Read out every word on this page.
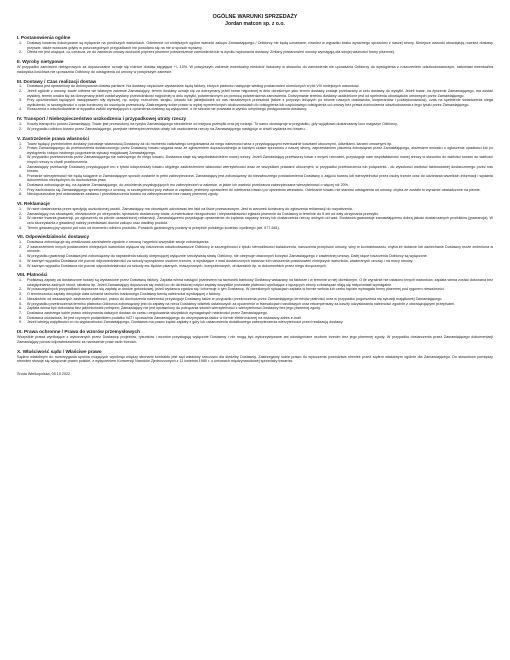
OGÓLNE WARUNKI SPRZEDAŻY
Jordan matcon sp. z o.o.
I. Postanowienia ogólne
1.	Dostawy towarów dokonywane są wyłącznie na poniższych warunkach. Odmienne od niniejszych ogólne warunki zakupu Zamawiającego / Odbiorcy nie będą uznawane, również w wypadku braku wyraźnego sprzeciwu z naszej strony. Niniejsze warunki obowiązują również dostawy przyszłe, także wówczas gdyby w poszczególnych przypadkach nie powołano się na nie w sposób wyraźny.
2.	Oferta nie jest wiążąca, co oznacza, że do zawarcia umowy dochodzi poprzez pisemne potwierdzenie zamówienia lub w wyniku wykonania dostawy. Zmiany postanowień umowy wymagają dla swojej ważności formy pisemnej.
II. Wyroby nietypowe

W przypadku zamówień niebyprowych za dopuszczalne uznaje się różnice dostaw sięgające +/- 10%. W powyższym zakresie ewentualny niedobór ilościowy w stosunku do zamówienia nie upoważnia Odbiorcy do wystąpienia z roszczeniem odszkodowawczym, natomiast ewentualna nadwyżka ilościowa nie upoważnia Odbiorcy do odstąpienia od umowy w powyższym zakresie.

III. Dostawy / Czas realizacji dostaw
1.	Dostawca jest uprawniony do dokonywania dostaw partiami. Na dostawy częściowe wystawiane będą faktury, których płatność następuje według postanowień określonych w pkt VIII niniejszych warunków.
2.	Jeżeli ogólnie z umowy, towar odbiera we własnym zakresie Zamawiający, termin dostawy uznaje się za dotrzymany jeżeli towar najpóźniej w dniu określonym jako termin dostawy zostaje przekazany w celu dostawy do wysyłki. Jeżeli towar, na życzenie Zamawiającego, ma zostać wysłany, termin uważa się za dotrzymany jeżeli został wysłany przewoźnikowi najpóźniej w dniu wysyłki, potwierdzonym za pomocą potwierdzenia zamówienia. Dotrzymanie terminu dostawy uzależnione jest od spełnienia obowiązków umownych przez Zamawiającego.
3.	Przy opóźnieniach będących następstwem siły wyższej, np. wojny, rozruchów, strajku, lokautu lub jakiejkolwiek od nas niezależnych przeszkód (także z przyczyn leżących po stronie naszych dostawców, kooperantów i podwykonawców), czas na spełnienie świadczenia ulega wydłużeniu, w szczególności o czas konieczny do usunięcia przeszkody. Zastrzegamy sobie prawo w wyżej wymienionych okolicznościach do odstąpienia lub częściowego odstąpienia od umowy bez prawa dochodzenia odszkodowania z tego tytułu przez Zamawiającego.
4.	Roszczenia o odszkodowanie w wypadku zwłoki wynikających z opóźnienia dostawy są wyłączone, o ile szkoda nie powstała w wyniku umyślnego postępowania dostawcy.
IV. Transport / Niebezpieczeństwo uszkodzenia i przypadkowej utraty rzeczy
1.	Koszty transportu ponosi Zamawiający. Towar jest przewożony na ryzyko Zamawiającego niezależnie od miejsca przesyłki oraz jej rodzaju. To samo obowiązuje w przypadku, gdy wyjątkowo dostarczamy loco magazyn Odbiorcy.
2.	W przypadku odbioru towaru przez Zamawiającego, przejście niebezpieczeństwa utraty lub uszkodzenia rzeczy na Zamawiającego następuje w chwili wydania mu towaru.
V. Zastrzeżenie prawa własności
1.	Towar będący przedmiotem dostawy pozostaje własnością Dostawcy aż do momentu całkowitego uregulowania za niego należności wraz z przysługującymi eventualnie kosztami ubocznymi, odsetkami, karami umownymi itp.
2.	Prawo Zamawiającego do przetworzenia dostarczonego przez Dostawcę towaru wygasa wraz ze zgłoszeniem dopuszczalnego w każdym czasie sprzeciwu z naszej strony, zaprzestaniem płacenia zobowiązań przez Zamawiającego, złożeniem wniosku o ogłoszenie upadłości lub po wystąpieniu rażąco istotnego pogorszenia sytuacji majątkowej Zamawiającego.
3.	W przypadku przetworzenia przez Zamawiającego nie należącego do niego towaru, Dostawca staje się współwłaścicielem nowej rzeczy. Jeżeli Zamawiający przetworzy towar z innymi rzeczami, przysługuje nam współwłasność nowej rzeczy w stosunku do wartości towaru do wartości innych rzeczy w chwili przetworzenia.
4.	Zamawiający przekazuje Dostawcy przysługujące mu z tytułu odsprzedaży towaru objętego zastrzeżeniem własności wierzytelności wraz ze wszystkimi prawami ubocznymi, w przypadku przetworzenia lub połączenia - do wysokości wartości fakturowanej dostarczonego przez nas towaru.
5.	Przelanie wierzytelności nie będą ściągane w Zamawiającym sposób zostanie w pełni zabezpieczona. Zamawiający jest zobowiązany do niezwłocznego powiadomienia Dostawcy o zajęciu towaru lub wierzytelności przez osoby trzecie oraz do udzielania wszelkich informacji i wydania dokumentów niezbędnych do dochodzenia praw.
6.	Dostawca zobowiązuje się, na żądanie Zamawiającego, do zwolnienia przysługujących mu zabezpieczeń w zakresie, w jakim ich wartość przekracza zabezpieczane wierzytelności o więcej niż 20%.
7.	Przy zachowaniu się Zamawiającego sprzecznego z umową, w szczególności przy zwłoce w zapłacie, jesteśmy uprawnieni do odebrania towaru po uprzednim wezwaniu. Odebranie towaru nie stanowi odstąpienia od umowy, chyba że zostało to wyraźnie oświadczone na piśmie.
8.	Niedopuszczalne jest ustanawianie zastawu i przewłaszczenia towaru na zabezpieczenie bez naszej pisemnej zgody.
VI. Reklamacje
1.	W razie dostarczenia przez spedycję uszkodzonej paczki, Zamawiający ma obowiązek odnotować ten fakt na liście przewozowym. Jest to warunek konieczny do zgłoszenia reklamacji do rozpatrzenia.
2.	Zamawiający ma obowiązek, niezwłocznie po otrzymaniu, sprawdzić dostarczony towar, a ewentualne niezgodności i nieprawidłowości zgłasza pisemnie do Dostawcy w terminie do 5 dni od daty otrzymania przesyłki.
3.	W okresie trwania gwarancji, po zgłoszeniu na piśmie uzasadnionej reklamacji, Zamawiającemu przysługuje uprawnienie do żądania naprawy rzeczy lub dostarczenia rzeczy wolnych od wad. Dostawca gwarantuje zamawiającemu dobrą jakość dostarczanych produktów (gwarancja). W celu skorzystania z gwarancji należy przedstawić dowód zakupu oraz wadliwy produkt.
4.	Termin gwarancyjny wynosi pół roku od momentu odbioru produktu. Poradnik gwarancyjny podany w przepisie polskiego kodeksu cywilnego (art. 577-581).
VII. Odpowiedzialność dostawcy
1.	Dostawca zobowiązuje się zrealizować zamówienie zgodnie z umową i wypełnić wszystkie swoje zobowiązania.
2.	Z zastrzeżeniem innych postanowień niniejszych warunków wyłącza się roszczenia odszkodowawcze Odbiorcy w szczególności z tytułu niemożliwości świadczenia, naruszenia przepisów umowy, winy w kontraktowaniu, chyba że dotarcie lub zaniechanie Dostawcy może zmieniona w umowie.
3.	W przypadku gwarancji Dostawa jest zobowiązany do naprawienia szkody obejmującej wyłącznie rzeczywistą stratę Odbiorcy, nie obejmuje utraconych korzyści Zamawiającego z zawieranej umowy. Dalej idące roszczenia Odbiorcy są wyłączone.
4.	W żadnym wypadku Dostawca nie ponosi odpowiedzialności za szkody wyrządzone osobom trzecim, a wynikające z wad dostarczonych towarów lub naruszenia postanowień niniejszych warunków, zawieranych umowy i na mocy umowy.
5.	W żadnym wypadku Dostawca nie ponosi odpowiedzialności za szkody ew. tłędów pisanych, maszynowych, komputerowych, drukarskich itp. w dokumentach przez niego doręczonych.
VIII. Płatności
1.	Podstawą zapłaty za dostarczone towary są wystawione przez Dostawcę faktury. Zapłata winna nastąpić przelewem na rachunek bankowy Dostawcy wskazany na fakturze i w terminie w niej określonym. O ile wyraźnie nie ustalono innych warunków, zapłata winna zostać dokonana bez uwzględniania żadnych skont, rabatów itp. Jeżeli Zamawiający dopuszcza się zwłoki co do określonej części zapłaty wszystkie pozostałe płatności wynikające z łączących strony zobowiązań stają się natychmiast wymagalne.
2.	W poszczególnych przypadkach dopuszcza się zapłatę w drodze gotówkowej, jeżeli wydawca zgadza się i informuje o tym Dostawcę. W określonych sytuacjach zapłata w formie weksla lub czeku będzie wymagała formy pisemnej pod rygorem nieważności.
3.	O terminowości zapłaty decyduje data uznania rachunku bankowego Dostawcy kwotą należności wynikającej z faktury.
4.	Niezależnie od wskazanych zastrzeżeń płatności, prawo do dochodzenia należności przysługuje Dostawcy także w przypadku przekroczenia przez Zamawiającego terminów płatności oraz w przypadku pogorszenia się sytuacji majątkowej Zamawiającego.
5.	W przypadku przekroczenia terminu płatności Odbiorca zobowiązany jest do zapłaty na rzecz Dostawcy odsetek ustawowych za opóźnienie w transakcjach handlowych oraz rekompensaty za koszty odzyskiwania należności zgodnie z obowiązującymi przepisami.
6.	Zapłata winna być dokonana bez jakichkolwiek potrąceń; Zamawiający nie jest uprawniony do potrącania swoich wierzytelności z wierzytelności Dostawcy bez jego pisemnej zgody.
7.	Dostawca zastrzega sobie prawo wstrzymania dalszych dostaw do czasu uregulowania wszystkich wymagalnych należności przez Zamawiającego.
8.	Dostawca oświadcza, że jest czynnym podatnikiem podatku VAT i upoważnia Zamawiającego do otrzymywania faktur w formie elektronicznej na wskazany adres e-mail.
9.	Jeżeli istnieją wątpliwości co do wypłacalności Zamawiającego, Dostawca ma prawo żądać zapłaty z góry lub ustanowienia dodatkowego zabezpieczenia wierzytelności przed realizacją dostawy.
IX. Prawa ochronne / Prawa do wzorów przemysłowych

Wszystkie prawa wynikające z wykonanych przez Dostawcę projektów, rysunków i wzorów przysługują wyłącznie Dostawcy i nie mogą być wykorzystywane ani udostępniane osobom trzecim bez jego pisemnej zgody. W przypadku dostarczenia przez Zamawiającego dokumentacji Zamawiający ponosi odpowiedzialność za naruszenie praw osób trzecich.

X. Właściwość sądu / Właściwe prawo

Sądem właściwym do rozstrzygania sporów mogących wyniknąć między stronami kontraktu jest sąd właściwy rzeczowo dla siedziby Dostawcy. Zastrzegamy sobie prawo do wytoczenia powództwa również przed sądem właściwym ogólnie dla Zamawiającego. Do stosunków pomiędzy stronami stosuje się wyłącznie prawo polskie, z wyłączeniem Konwencji Narodów Zjednoczonych z 11 kwietnia 1980 r. o umowach międzynarodowej sprzedaży towarów.

Środa Wielkopolska, 05.10.2022
